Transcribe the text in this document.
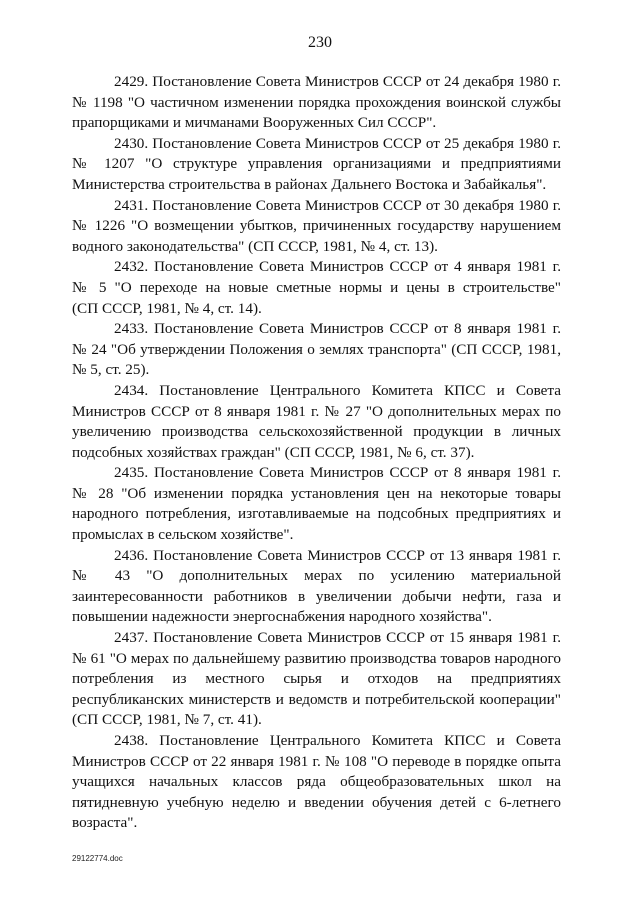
230

2429. Постановление Совета Министров СССР от 24 декабря 1980 г.
№ 1198 "О частичном изменении порядка прохождения воинской службы
прапорщиками и мичманами Вооруженных Сил СССР".

2430. Постановление Совета Министров СССР от 25 декабря 1980 г.
№ 1207 "О структуре управления организациями и предприятиями
Министерства строительства в районах Дальнего Востока и Забайкалья".

2431. Постановление Совета Министров СССР от 30 декабря 1980 г.
№ 1226 "О возмещении убытков, причиненных государству нарушением
водного законодательства" (СП СССР, 1981, № 4, ст. 13).

2432. Постановление Совета Министров СССР от 4 января 1981 г.
№ 5 "О переходе на новые сметные нормы и цены в строительстве"
(СП СССР, 1981, № 4, ст. 14).

2433. Постановление Совета Министров СССР от 8 января 1981 г.
№ 24 "Об утверждении Положения о землях транспорта" (СП СССР, 1981,
№ 5, ст. 25).

2434. Постановление Центрального Комитета КПСС и Совета
Министров СССР от 8 января 1981 г. № 27 "О дополнительных мерах по
увеличению производства сельскохозяйственной продукции в личных
подсобных хозяйствах граждан" (СП СССР, 1981, № 6, ст. 37).

2435. Постановление Совета Министров СССР от 8 января 1981 г.
№ 28 "Об изменении порядка установления цен на некоторые товары
народного потребления, изготавливаемые на подсобных предприятиях и
промыслах в сельском хозяйстве".

2436. Постановление Совета Министров СССР от 13 января 1981 г.
№ 43 "О дополнительных мерах по усилению материальной
заинтересованности работников в увеличении добычи нефти, газа и
повышении надежности энергоснабжения народного хозяйства".

2437. Постановление Совета Министров СССР от 15 января 1981 г.
№ 61 "О мерах по дальнейшему развитию производства товаров народного
потребления из местного сырья и отходов на предприятиях
республиканских министерств и ведомств и потребительской кооперации"
(СП СССР, 1981, № 7, ст. 41).

2438. Постановление Центрального Комитета КПСС и Совета
Министров СССР от 22 января 1981 г. № 108 "О переводе в порядке опыта
учащихся начальных классов ряда общеобразовательных школ на
пятидневную учебную неделю и введении обучения детей с 6-летнего
возраста".

29122774.doc
